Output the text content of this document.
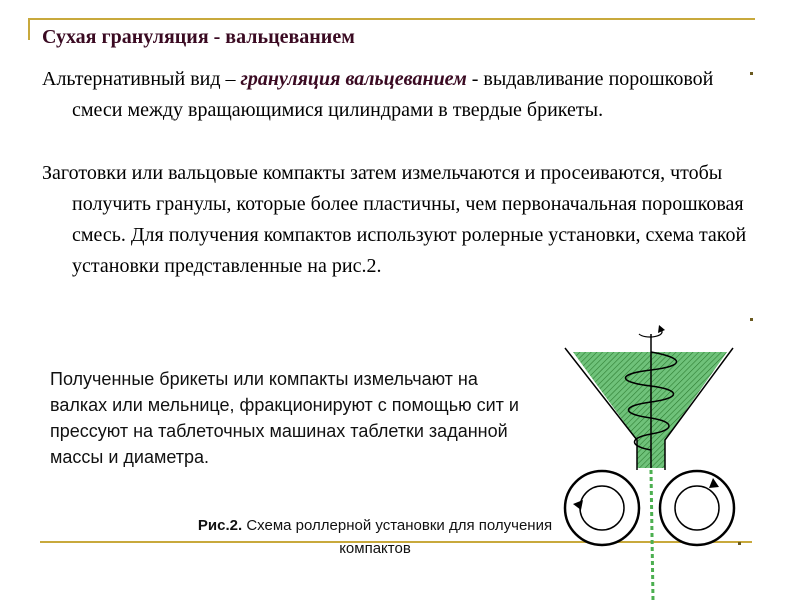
Сухая грануляция - вальцеванием
Альтернативный вид – грануляция вальцеванием - выдавливание порошковой смеси между вращающимися цилиндрами в твердые брикеты.
Заготовки или вальцовые компакты затем измельчаются и просеиваются, чтобы получить гранулы, которые более пластичны, чем первоначальная порошковая смесь. Для получения компактов используют ролерные установки, схема такой установки представленные на рис.2.
Полученные брикеты или компакты измельчают на валках или мельнице, фракционируют с помощью сит и прессуют на таблеточных машинах таблетки заданной массы и диаметра.
Рис.2. Схема роллерной установки для получения компактов
